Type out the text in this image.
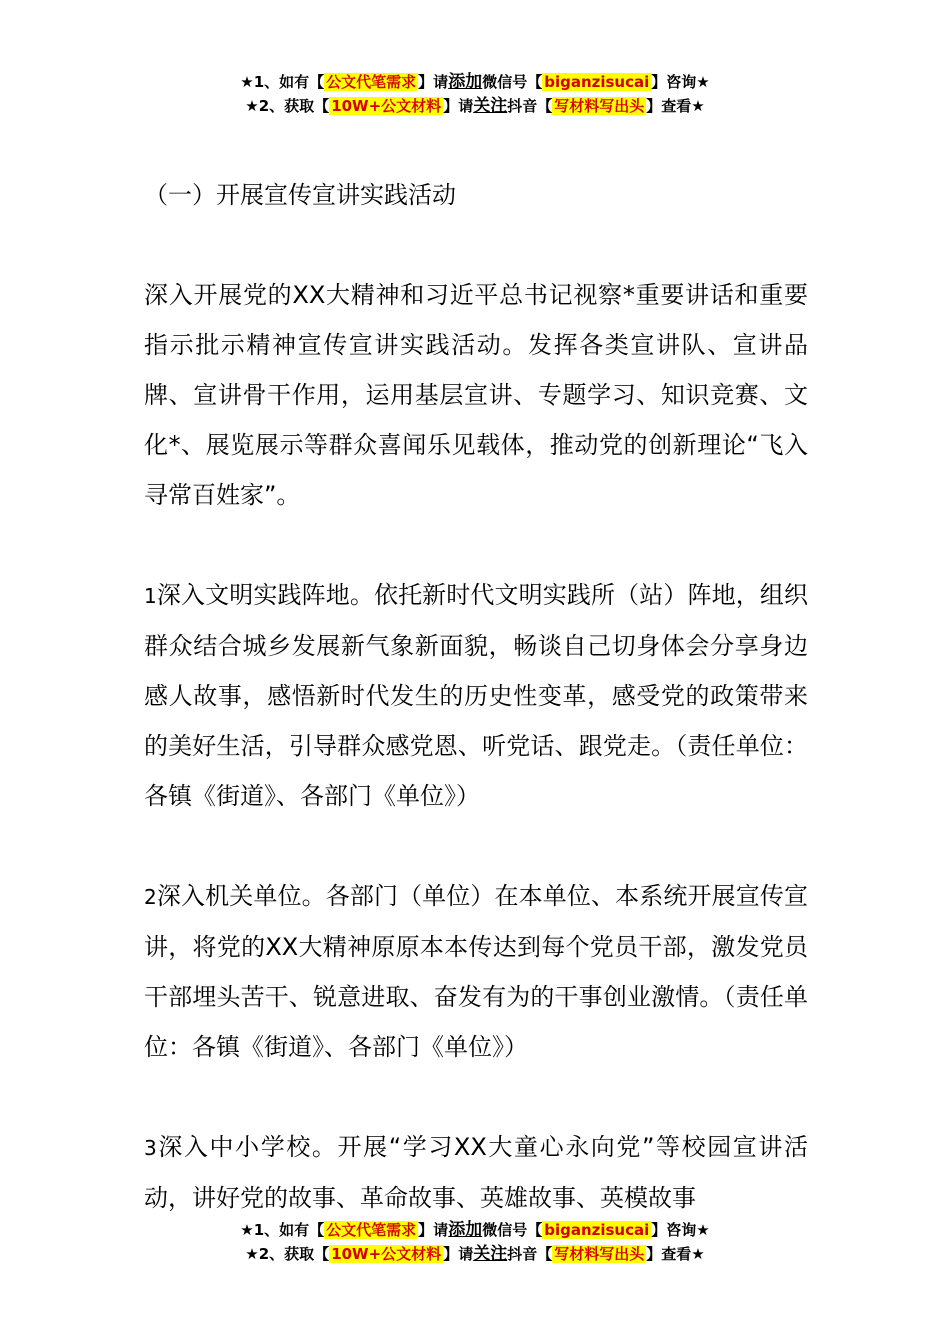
★1、如有【 公文代笔需求 】请添加微信号【 biganzisucai 】咨询★
★2、获取【 10W+公文材料 】请关注抖音【 写材料写出头 】查看★

（一）开展宣传宣讲实践活动

深入开展党的XX大精神和习近平总书记视察*重要讲话和重要指示批示精神宣传宣讲实践活动。发挥各类宣讲队、宣讲品牌、宣讲骨干作用，运用基层宣讲、专题学习、知识竞赛、文化*、展览展示等群众喜闻乐见载体，推动党的创新理论“飞入寻常百姓家”。

1深入文明实践阵地。依托新时代文明实践所（站）阵地，组织群众结合城乡发展新气象新面貌，畅谈自己切身体会分享身边感人故事，感悟新时代发生的历史性变革，感受党的政策带来的美好生活，引导群众感党恩、听党话、跟党走。（责任单位：各镇《街道》、各部门《单位》）

2深入机关单位。各部门（单位）在本单位、本系统开展宣传宣讲，将党的XX大精神原原本本传达到每个党员干部，激发党员干部埋头苦干、锐意进取、奋发有为的干事创业激情。（责任单位：各镇《街道》、各部门《单位》）

3深入中小学校。开展“学习XX大童心永向党”等校园宣讲活动，讲好党的故事、革命故事、英雄故事、英模故事

★1、如有【 公文代笔需求 】请添加微信号【 biganzisucai 】咨询★
★2、获取【 10W+公文材料 】请关注抖音【 写材料写出头 】查看★
